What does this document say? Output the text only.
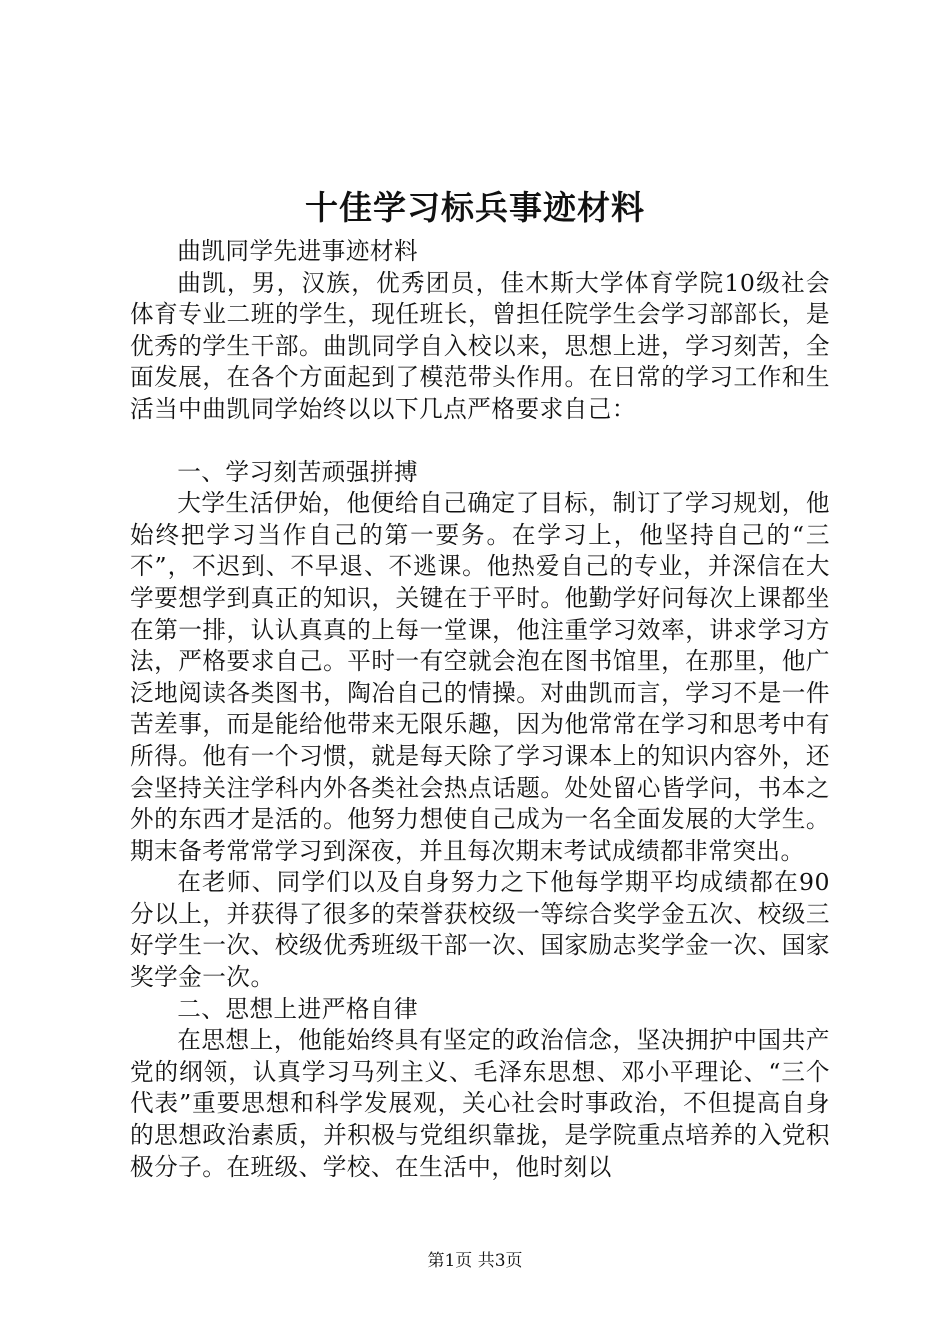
十佳学习标兵事迹材料

曲凯同学先进事迹材料

曲凯，男，汉族，优秀团员，佳木斯大学体育学院10级社会体育专业二班的学生，现任班长，曾担任院学生会学习部部长，是优秀的学生干部。曲凯同学自入校以来，思想上进，学习刻苦，全面发展，在各个方面起到了模范带头作用。在日常的学习工作和生活当中曲凯同学始终以以下几点严格要求自己：

一、学习刻苦顽强拼搏

大学生活伊始，他便给自己确定了目标，制订了学习规划，他始终把学习当作自己的第一要务。在学习上，他坚持自己的“三不”，不迟到、不早退、不逃课。他热爱自己的专业，并深信在大学要想学到真正的知识，关键在于平时。他勤学好问每次上课都坐在第一排，认认真真的上每一堂课，他注重学习效率，讲求学习方法，严格要求自己。平时一有空就会泡在图书馆里，在那里，他广泛地阅读各类图书，陶冶自己的情操。对曲凯而言，学习不是一件苦差事，而是能给他带来无限乐趣，因为他常常在学习和思考中有所得。他有一个习惯，就是每天除了学习课本上的知识内容外，还会坚持关注学科内外各类社会热点话题。处处留心皆学问，书本之外的东西才是活的。他努力想使自己成为一名全面发展的大学生。期末备考常常学习到深夜，并且每次期末考试成绩都非常突出。

在老师、同学们以及自身努力之下他每学期平均成绩都在90分以上，并获得了很多的荣誉获校级一等综合奖学金五次、校级三好学生一次、校级优秀班级干部一次、国家励志奖学金一次、国家奖学金一次。

二、思想上进严格自律

在思想上，他能始终具有坚定的政治信念，坚决拥护中国共产党的纲领，认真学习马列主义、毛泽东思想、邓小平理论、“三个代表”重要思想和科学发展观，关心社会时事政治，不但提高自身的思想政治素质，并积极与党组织靠拢，是学院重点培养的入党积极分子。在班级、学校、在生活中，他时刻以

第1页 共3页
